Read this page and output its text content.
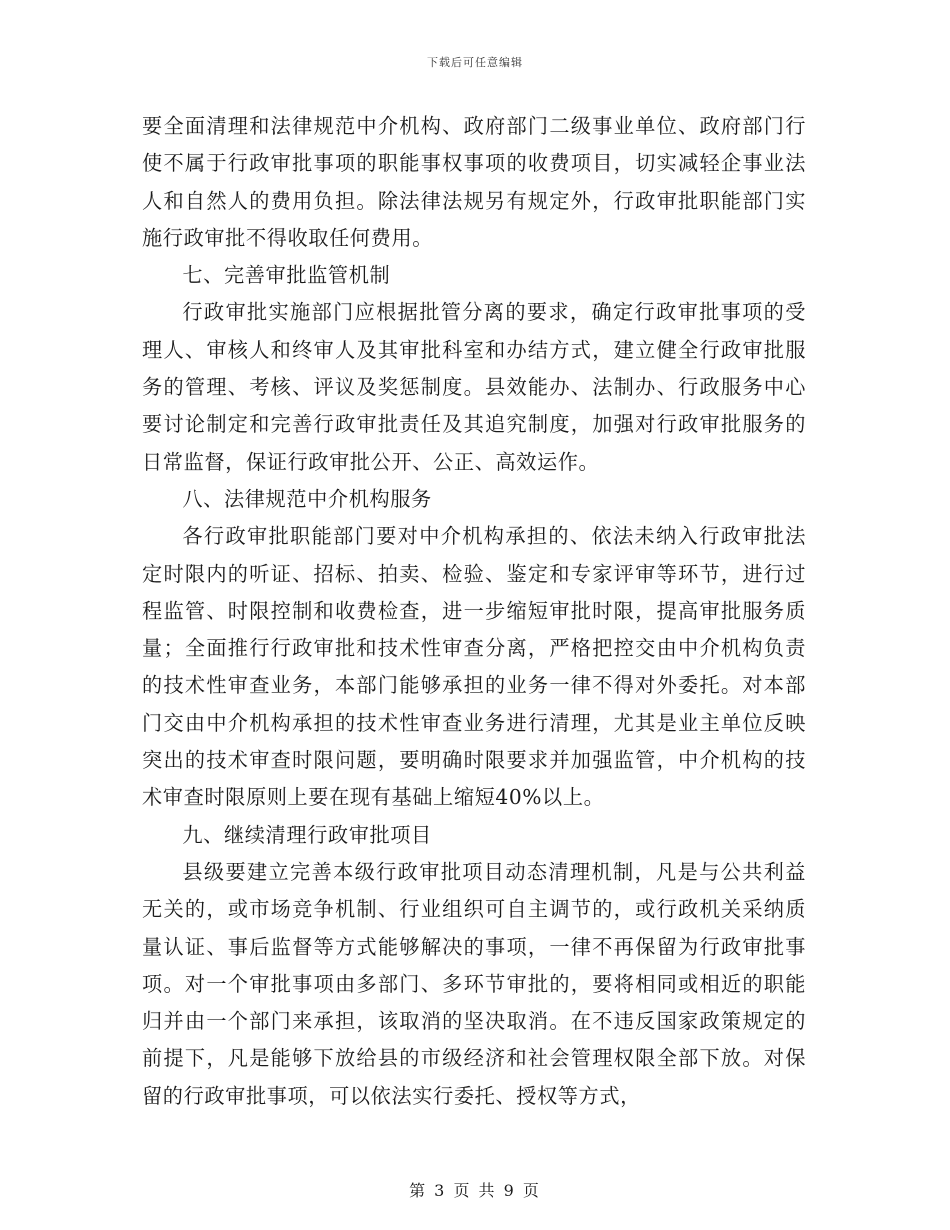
下载后可任意编辑

要全面清理和法律规范中介机构、政府部门二级事业单位、政府部门行使不属于行政审批事项的职能事权事项的收费项目，切实减轻企事业法人和自然人的费用负担。除法律法规另有规定外，行政审批职能部门实施行政审批不得收取任何费用。

七、完善审批监管机制

行政审批实施部门应根据批管分离的要求，确定行政审批事项的受理人、审核人和终审人及其审批科室和办结方式，建立健全行政审批服务的管理、考核、评议及奖惩制度。县效能办、法制办、行政服务中心要讨论制定和完善行政审批责任及其追究制度，加强对行政审批服务的日常监督，保证行政审批公开、公正、高效运作。

八、法律规范中介机构服务

各行政审批职能部门要对中介机构承担的、依法未纳入行政审批法定时限内的听证、招标、拍卖、检验、鉴定和专家评审等环节，进行过程监管、时限控制和收费检查，进一步缩短审批时限，提高审批服务质量；全面推行行政审批和技术性审查分离，严格把控交由中介机构负责的技术性审查业务，本部门能够承担的业务一律不得对外委托。对本部门交由中介机构承担的技术性审查业务进行清理，尤其是业主单位反映突出的技术审查时限问题，要明确时限要求并加强监管，中介机构的技术审查时限原则上要在现有基础上缩短40%以上。

九、继续清理行政审批项目

县级要建立完善本级行政审批项目动态清理机制，凡是与公共利益无关的，或市场竞争机制、行业组织可自主调节的，或行政机关采纳质量认证、事后监督等方式能够解决的事项，一律不再保留为行政审批事项。对一个审批事项由多部门、多环节审批的，要将相同或相近的职能归并由一个部门来承担，该取消的坚决取消。在不违反国家政策规定的前提下，凡是能够下放给县的市级经济和社会管理权限全部下放。对保留的行政审批事项，可以依法实行委托、授权等方式，

第 3 页 共 9 页
